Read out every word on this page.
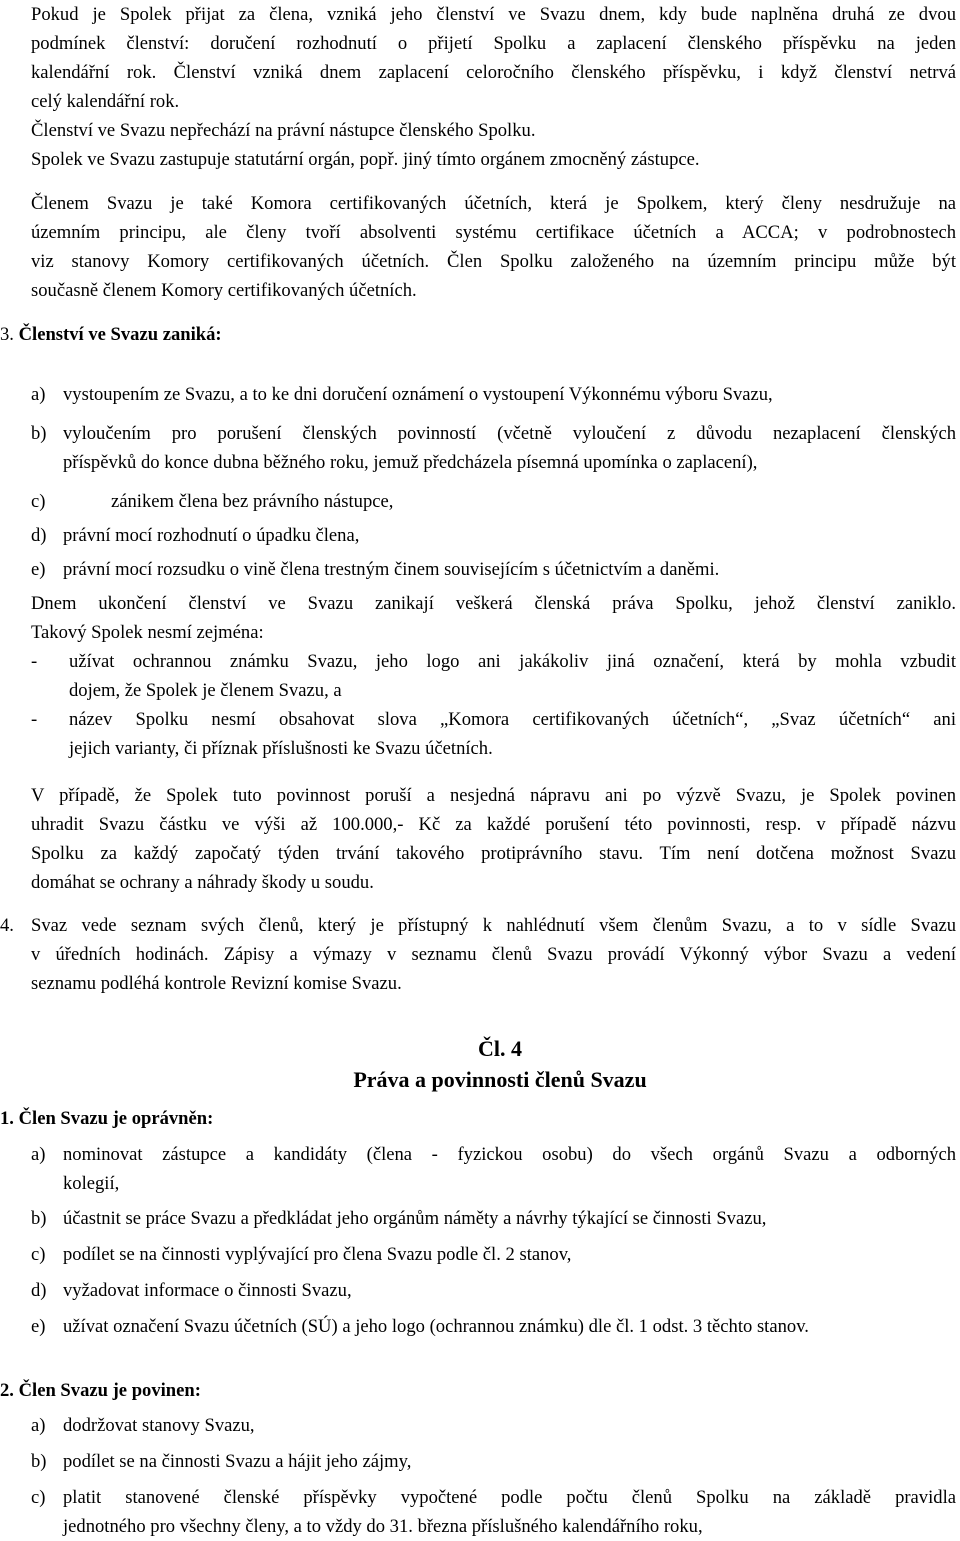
Pokud je Spolek přijat za člena, vzniká jeho členství ve Svazu dnem, kdy bude naplněna druhá ze dvou
podmínek členství: doručení rozhodnutí o přijetí Spolku a zaplacení členského příspěvku na jeden
kalendářní rok. Členství vzniká dnem zaplacení celoročního členského příspěvku, i když členství netrvá
celý kalendářní rok.

Členství ve Svazu nepřechází na právní nástupce členského Spolku.

Spolek ve Svazu zastupuje statutární orgán, popř. jiný tímto orgánem zmocněný zástupce.

Členem Svazu je také Komora certifikovaných účetních, která je Spolkem, který členy nesdružuje na
územním principu, ale členy tvoří absolventi systému certifikace účetních a ACCA; v podrobnostech
viz stanovy Komory certifikovaných účetních. Člen Spolku založeného na územním principu může být
současně členem Komory certifikovaných účetních.

3. Členství ve Svazu zaniká:

a) vystoupením ze Svazu, a to ke dni doručení oznámení o vystoupení Výkonnému výboru Svazu,
b) vyloučením pro porušení členských povinností (včetně vyloučení z důvodu nezaplacení členských
příspěvků do konce dubna běžného roku, jemuž předcházela písemná upomínka o zaplacení),
c)	zánikem člena bez právního nástupce,
d) právní mocí rozhodnutí o úpadku člena,
e) právní mocí rozsudku o vině člena trestným činem souvisejícím s účetnictvím a daněmi.
Dnem ukončení členství ve Svazu zanikají veškerá členská práva Spolku, jehož členství zaniklo.
Takový Spolek nesmí zejména:
-	užívat ochrannou známku Svazu, jeho logo ani jakákoliv jiná označení, která by mohla vzbudit
dojem, že Spolek je členem Svazu, a
-	název Spolku nesmí obsahovat slova „Komora certifikovaných účetních“, „Svaz účetních“ ani
jejich varianty, či příznak příslušnosti ke Svazu účetních.
V případě, že Spolek tuto povinnost poruší a nesjedná nápravu ani po výzvě Svazu, je Spolek povinen
uhradit Svazu částku ve výši až 100.000,- Kč za každé porušení této povinnosti, resp. v případě názvu
Spolku za každý započatý týden trvání takového protiprávního stavu. Tím není dotčena možnost Svazu
domáhat se ochrany a náhrady škody u soudu.
4. Svaz vede seznam svých členů, který je přístupný k nahlédnutí všem členům Svazu, a to v sídle Svazu
v úředních hodinách. Zápisy a výmazy v seznamu členů Svazu provádí Výkonný výbor Svazu a vedení
seznamu podléhá kontrole Revizní komise Svazu.
Čl. 4
Práva a povinnosti členů Svazu

1. Člen Svazu je oprávněn:

a) nominovat zástupce a kandidáty (člena - fyzickou osobu) do všech orgánů Svazu a odborných
kolegií,
b) účastnit se práce Svazu a předkládat jeho orgánům náměty a návrhy týkající se činnosti Svazu,
c) podílet se na činnosti vyplývající pro člena Svazu podle čl. 2 stanov,
d) vyžadovat informace o činnosti Svazu,
e) užívat označení Svazu účetních (SÚ) a jeho logo (ochrannou známku) dle čl. 1 odst. 3 těchto stanov.

2. Člen Svazu je povinen:

a) dodržovat stanovy Svazu,
b) podílet se na činnosti Svazu a hájit jeho zájmy,
c) platit stanovené členské příspěvky vypočtené podle počtu členů Spolku na základě pravidla
jednotného pro všechny členy, a to vždy do 31. března příslušného kalendářního roku,
